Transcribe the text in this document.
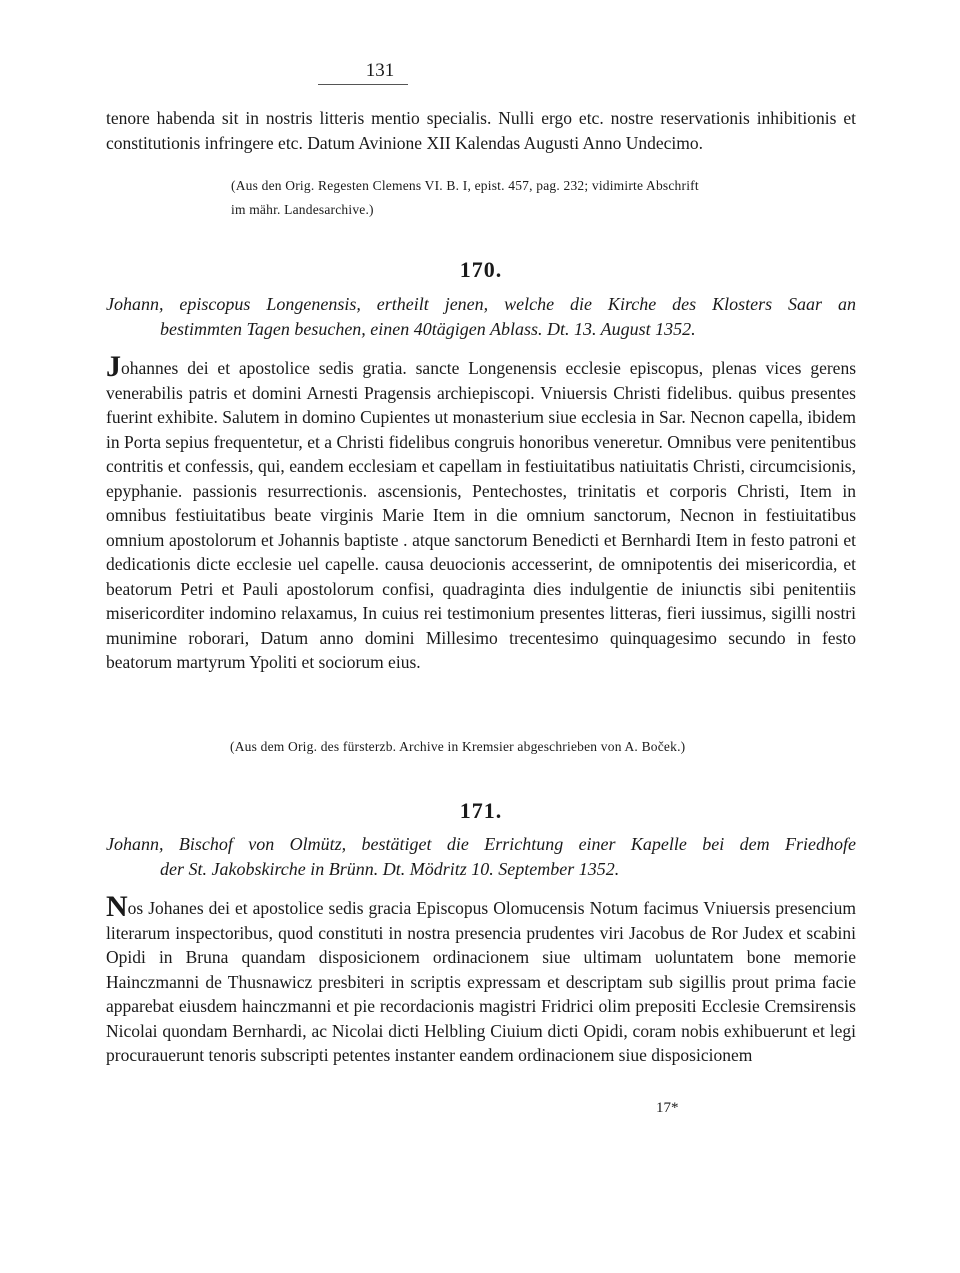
131

tenore habenda sit in nostris litteris mentio specialis. Nulli ergo etc. nostre reservationis inhibitionis et constitutionis infringere etc. Datum Avinione XII Kalendas Augusti Anno Undecimo.

(Aus den Orig. Regesten Clemens VI. B. I, epist. 457, pag. 232; vidimirte Abschrift

im mähr. Landesarchive.)

170.

Johann, episcopus Longenensis, ertheilt jenen, welche die Kirche des Klosters Saar an
bestimmten Tagen besuchen, einen 40tägigen Ablass. Dt. 13. August 1352.

Johannes dei et apostolice sedis gratia. sancte Longenensis ecclesie episcopus, plenas vices gerens venerabilis patris et domini Arnesti Pragensis archiepiscopi. Vniuersis Christi fidelibus. quibus presentes fuerint exhibite. Salutem in domino Cupientes ut monasterium siue ecclesia in Sar. Necnon capella, ibidem in Porta sepius frequentetur, et a Christi fidelibus congruis honoribus veneretur. Omnibus vere penitentibus contritis et confessis, qui, eandem ecclesiam et capellam in festiuitatibus natiuitatis Christi, circumcisionis, epyphanie. passionis resurrectionis. ascensionis, Pentechostes, trinitatis et corporis Christi, Item in omnibus festiuitatibus beate virginis Marie Item in die omnium sanctorum, Necnon in festiuitatibus omnium apostolorum et Johannis baptiste . atque sanctorum Benedicti et Bernhardi Item in festo patroni et dedicationis dicte ecclesie uel capelle. causa deuocionis accesserint, de omnipotentis dei misericordia, et beatorum Petri et Pauli apostolorum confisi, quadraginta dies indulgentie de iniunctis sibi penitentiis misericorditer indomino relaxamus, In cuius rei testimonium presentes litteras, fieri iussimus, sigilli nostri munimine roborari, Datum anno domini Millesimo trecentesimo quinquagesimo secundo in festo beatorum martyrum Ypoliti et sociorum eius.

(Aus dem Orig. des fürsterzb. Archive in Kremsier abgeschrieben von A. Boček.)

171.

Johann, Bischof von Olmütz, bestätiget die Errichtung einer Kapelle bei dem Friedhofe
der St. Jakobskirche in Brünn. Dt. Mödritz 10. September 1352.

Nos Johanes dei et apostolice sedis gracia Episcopus Olomucensis Notum facimus Vniuersis presencium literarum inspectoribus, quod constituti in nostra presencia prudentes viri Jacobus de Ror Judex et scabini Opidi in Bruna quandam disposicionem ordinacionem siue ultimam uoluntatem bone memorie Hainczmanni de Thusnawicz presbiteri in scriptis expressam et descriptam sub sigillis prout prima facie apparebat eiusdem hainczmanni et pie recordacionis magistri Fridrici olim prepositi Ecclesie Cremsirensis Nicolai quondam Bernhardi, ac Nicolai dicti Helbling Ciuium dicti Opidi, coram nobis exhibuerunt et legi procurauerunt tenoris subscripti petentes instanter eandem ordinacionem siue disposicionem

17*
